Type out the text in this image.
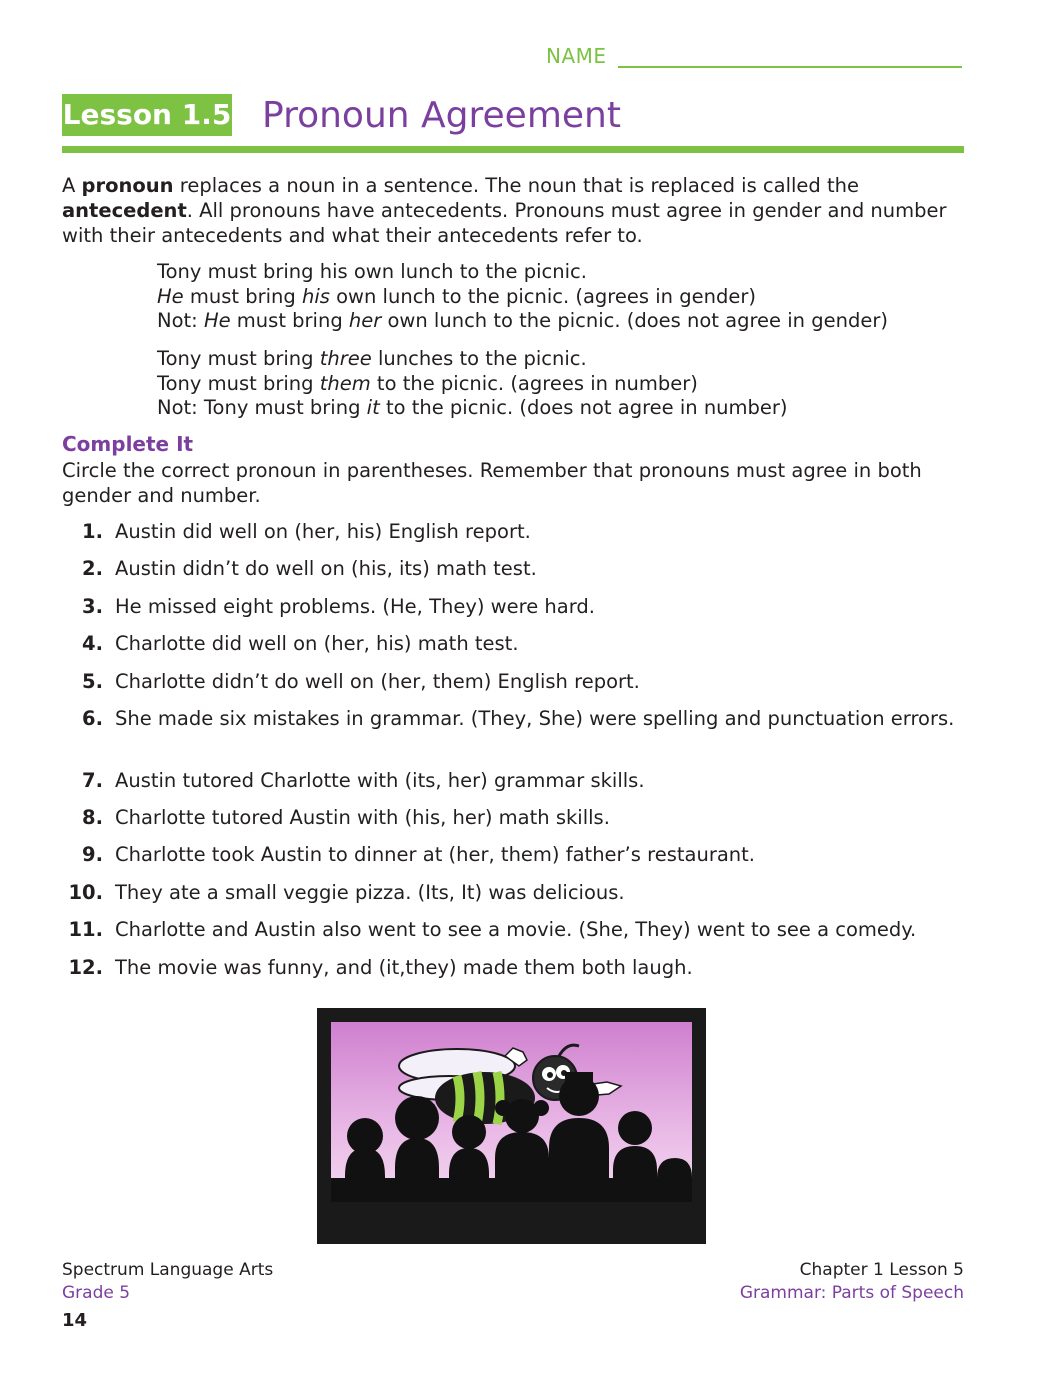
NAME
Lesson 1.5 Pronoun Agreement
A pronoun replaces a noun in a sentence. The noun that is replaced is called the antecedent. All pronouns have antecedents. Pronouns must agree in gender and number with their antecedents and what their antecedents refer to.
Tony must bring his own lunch to the picnic.
He must bring his own lunch to the picnic. (agrees in gender)
Not: He must bring her own lunch to the picnic. (does not agree in gender)
Tony must bring three lunches to the picnic.
Tony must bring them to the picnic. (agrees in number)
Not: Tony must bring it to the picnic. (does not agree in number)
Complete It
Circle the correct pronoun in parentheses. Remember that pronouns must agree in both gender and number.
1. Austin did well on (her, his) English report.
2. Austin didn’t do well on (his, its) math test.
3. He missed eight problems. (He, They) were hard.
4. Charlotte did well on (her, his) math test.
5. Charlotte didn’t do well on (her, them) English report.
6. She made six mistakes in grammar. (They, She) were spelling and punctuation errors.
7. Austin tutored Charlotte with (its, her) grammar skills.
8. Charlotte tutored Austin with (his, her) math skills.
9. Charlotte took Austin to dinner at (her, them) father’s restaurant.
10. They ate a small veggie pizza. (Its, It) was delicious.
11. Charlotte and Austin also went to see a movie. (She, They) went to see a comedy.
12. The movie was funny, and (it,they) made them both laugh.
Spectrum Language Arts
Grade 5
14
Chapter 1 Lesson 5
Grammar: Parts of Speech
